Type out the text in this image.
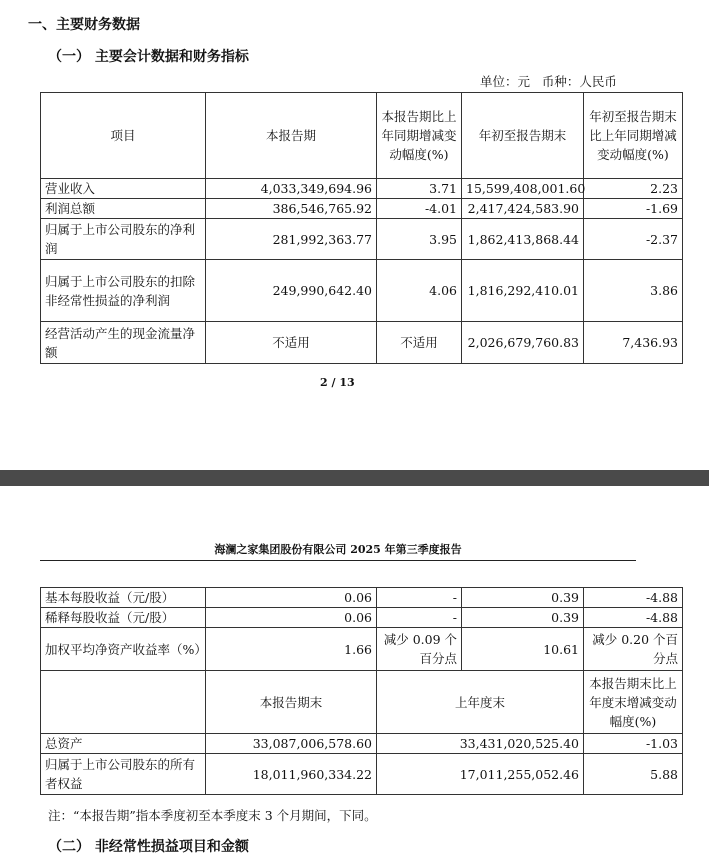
一、主要财务数据
（一） 主要会计数据和财务指标
单位：元   币种：人民币
项目	本报告期	本报告期比上年同期增减变动幅度(%)	年初至报告期末	年初至报告期末比上年同期增减变动幅度(%)
营业收入	4,033,349,694.96	3.71	15,599,408,001.60	2.23
利润总额	386,546,765.92	-4.01	2,417,424,583.90	-1.69
归属于上市公司股东的净利润	281,992,363.77	3.95	1,862,413,868.44	-2.37
归属于上市公司股东的扣除非经常性损益的净利润	249,990,642.40	4.06	1,816,292,410.01	3.86
经营活动产生的现金流量净额	不适用	不适用	2,026,679,760.83	7,436.93
2 / 13
海澜之家集团股份有限公司 2025 年第三季度报告
基本每股收益（元/股）	0.06	-	0.39	-4.88
稀释每股收益（元/股）	0.06	-	0.39	-4.88
加权平均净资产收益率（%）	1.66	减少 0.09 个百分点	10.61	减少 0.20 个百分点
	本报告期末	上年度末		本报告期末比上年度末增减变动幅度(%)
总资产	33,087,006,578.60	33,431,020,525.40		-1.03
归属于上市公司股东的所有者权益	18,011,960,334.22	17,011,255,052.46		5.88
注：“本报告期”指本季度初至本季度末 3 个月期间，下同。
（二） 非经常性损益项目和金额
